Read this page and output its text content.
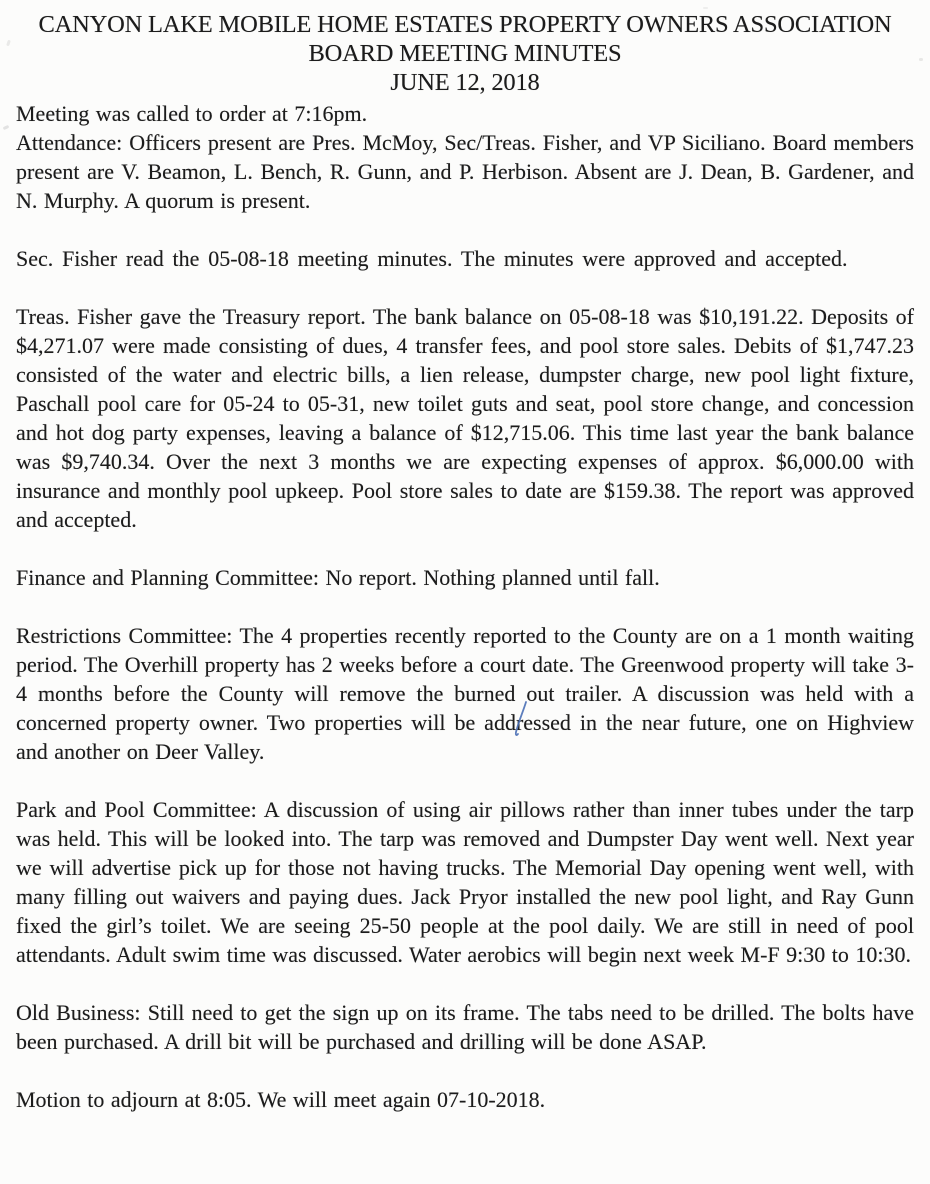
CANYON LAKE MOBILE HOME ESTATES PROPERTY OWNERS ASSOCIATION
BOARD MEETING MINUTES
JUNE 12, 2018

Meeting was called to order at 7:16pm.

Attendance: Officers present are Pres. McMoy, Sec/Treas. Fisher, and VP Siciliano. Board members present are V. Beamon, L. Bench, R. Gunn, and P. Herbison. Absent are J. Dean, B. Gardener, and N. Murphy. A quorum is present.

Sec. Fisher read the 05-08-18 meeting minutes. The minutes were approved and accepted.

Treas. Fisher gave the Treasury report. The bank balance on 05-08-18 was $10,191.22. Deposits of $4,271.07 were made consisting of dues, 4 transfer fees, and pool store sales. Debits of $1,747.23 consisted of the water and electric bills, a lien release, dumpster charge, new pool light fixture, Paschall pool care for 05-24 to 05-31, new toilet guts and seat, pool store change, and concession and hot dog party expenses, leaving a balance of $12,715.06. This time last year the bank balance was $9,740.34. Over the next 3 months we are expecting expenses of approx. $6,000.00 with insurance and monthly pool upkeep. Pool store sales to date are $159.38. The report was approved and accepted.

Finance and Planning Committee: No report. Nothing planned until fall.

Restrictions Committee: The 4 properties recently reported to the County are on a 1 month waiting period. The Overhill property has 2 weeks before a court date. The Greenwood property will take 3-4 months before the County will remove the burned out trailer. A discussion was held with a concerned property owner. Two properties will be addressed in the near future, one on Highview and another on Deer Valley.

Park and Pool Committee: A discussion of using air pillows rather than inner tubes under the tarp was held. This will be looked into. The tarp was removed and Dumpster Day went well. Next year we will advertise pick up for those not having trucks. The Memorial Day opening went well, with many filling out waivers and paying dues. Jack Pryor installed the new pool light, and Ray Gunn fixed the girl’s toilet. We are seeing 25-50 people at the pool daily. We are still in need of pool attendants. Adult swim time was discussed. Water aerobics will begin next week M-F 9:30 to 10:30.

Old Business: Still need to get the sign up on its frame. The tabs need to be drilled. The bolts have been purchased. A drill bit will be purchased and drilling will be done ASAP.

Motion to adjourn at 8:05. We will meet again 07-10-2018.
